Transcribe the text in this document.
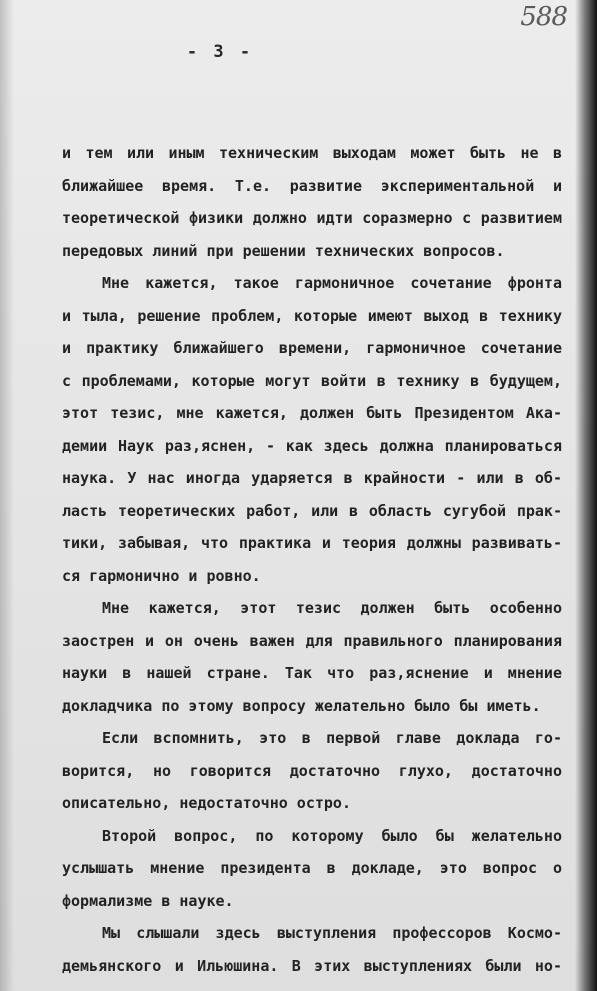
588
- 3 -
и тем или иным техническим выходам может быть не в
ближайшее время. Т.е. развитие экспериментальной и
теоретической физики должно идти соразмерно с развитием
передовых линий при решении технических вопросов.
Мне кажется, такое гармоничное сочетание фронта
и тыла, решение проблем, которые имеют выход в технику
и практику ближайшего времени, гармоничное сочетание
с проблемами, которые могут войти в технику в будущем,
этот тезис, мне кажется, должен быть Президентом Ака-
демии Наук раз,яснен, - как здесь должна планироваться
наука. У нас иногда ударяется в крайности - или в об-
ласть теоретических работ, или в область сугубой прак-
тики, забывая, что практика и теория должны развивать-
ся гармонично и ровно.
Мне кажется, этот тезис должен быть особенно
заострен и он очень важен для правильного планирования
науки в нашей стране. Так что раз,яснение и мнение
докладчика по этому вопросу желательно было бы иметь.
Если вспомнить, это в первой главе доклада го-
ворится, но говорится достаточно глухо, достаточно
описательно, недостаточно остро.
Второй вопрос, по которому было бы желательно
услышать мнение президента в докладе, это вопрос о
формализме в науке.
Мы слышали здесь выступления профессоров Космо-
демьянского и Ильюшина. В этих выступлениях были но-
